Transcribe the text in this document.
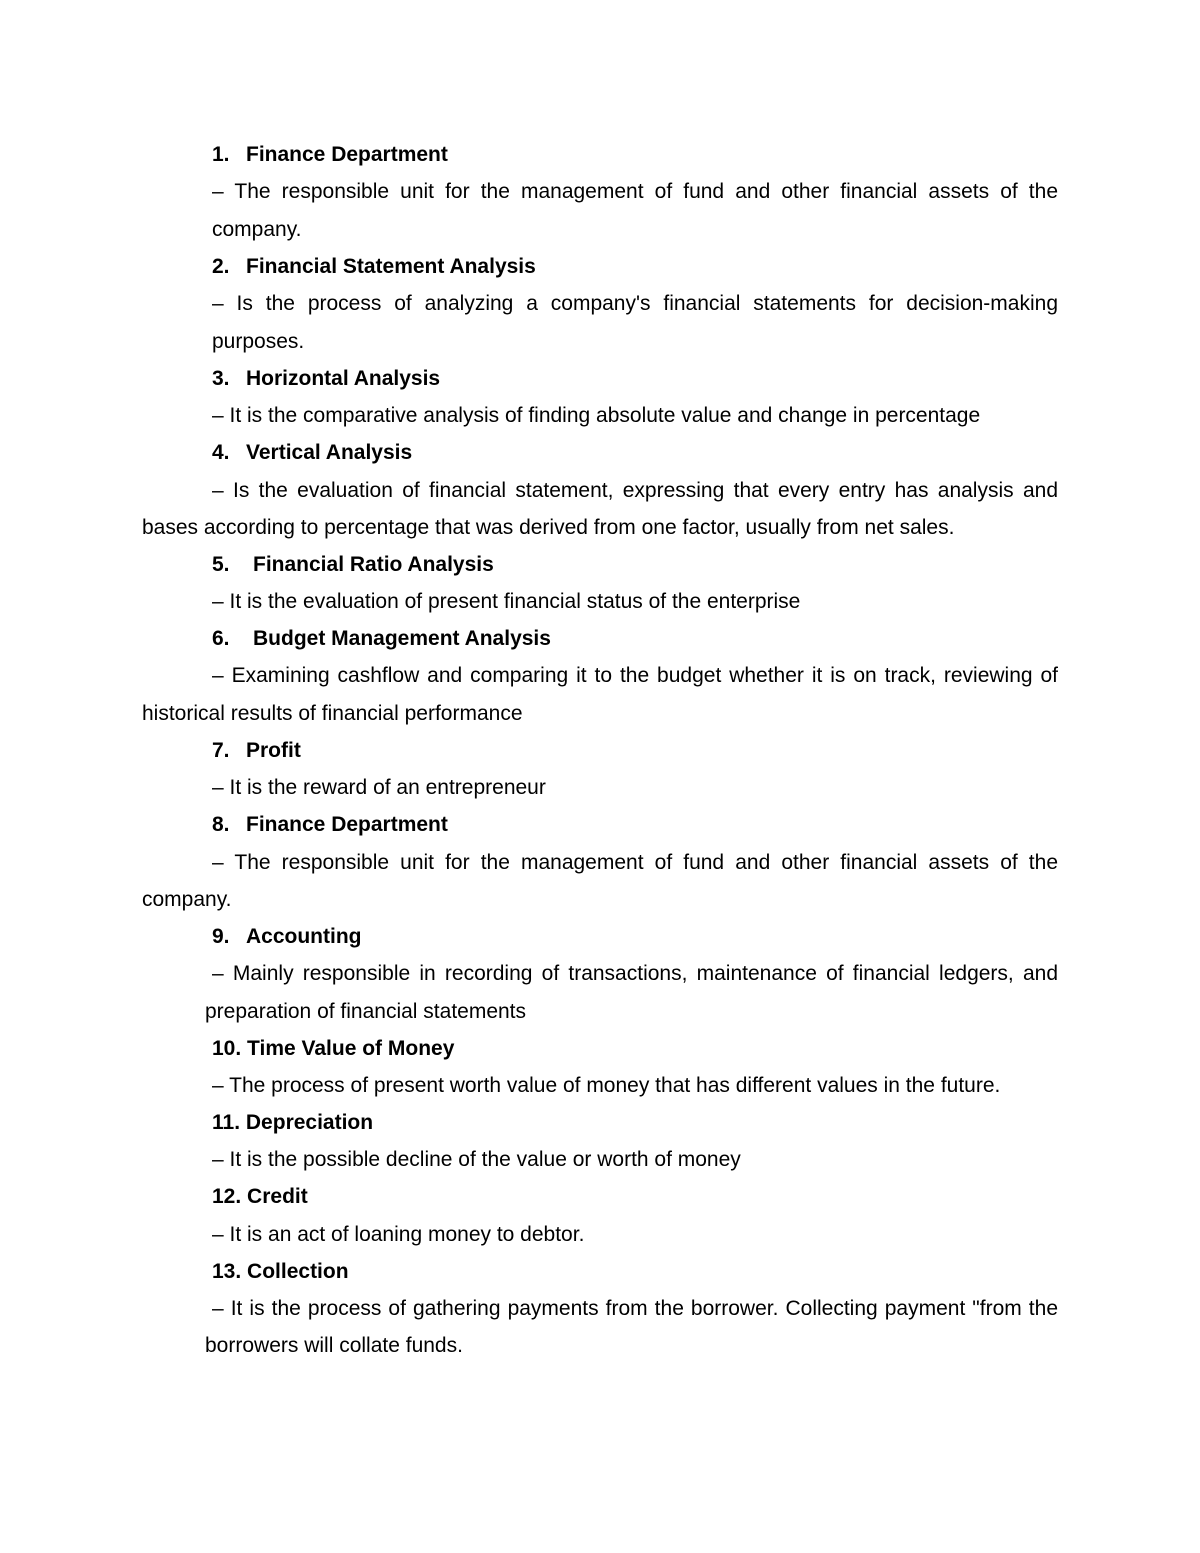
1. Finance Department
– The responsible unit for the management of fund and other financial assets of the
company.
2. Financial Statement Analysis
– Is the process of analyzing a company's financial statements for decision-making
purposes.
3. Horizontal Analysis
– It is the comparative analysis of finding absolute value and change in percentage
4. Vertical Analysis
– Is the evaluation of financial statement, expressing that every entry has analysis and
bases according to percentage that was derived from one factor, usually from net sales.
5. Financial Ratio Analysis
– It is the evaluation of present financial status of the enterprise
6. Budget Management Analysis
– Examining cashflow and comparing it to the budget whether it is on track, reviewing of
historical results of financial performance
7. Profit
– It is the reward of an entrepreneur
8. Finance Department
– The responsible unit for the management of fund and other financial assets of the
company.
9. Accounting
– Mainly responsible in recording of transactions, maintenance of financial ledgers, and
preparation of financial statements
10. Time Value of Money
– The process of present worth value of money that has different values in the future.
11. Depreciation
– It is the possible decline of the value or worth of money
12. Credit
– It is an act of loaning money to debtor.
13. Collection
– It is the process of gathering payments from the borrower. Collecting payment "from the
borrowers will collate funds.
